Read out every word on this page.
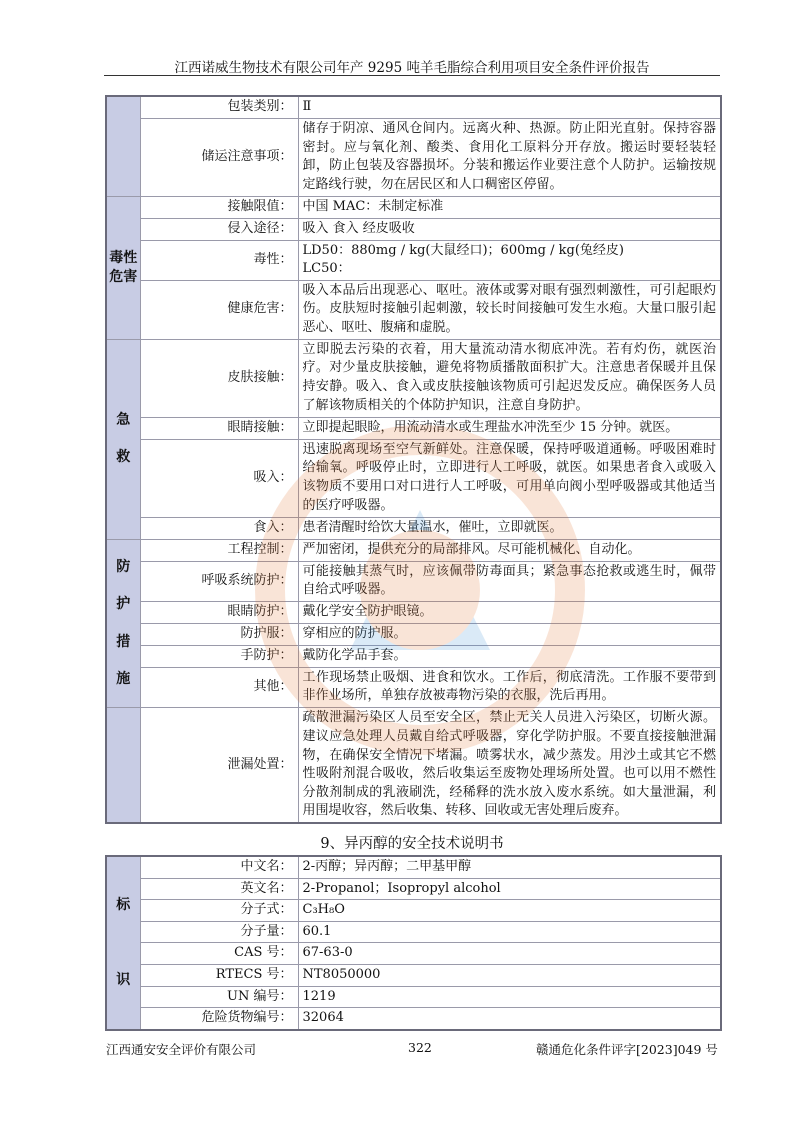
江西诺威生物技术有限公司年产 9295 吨羊毛脂综合利用项目安全条件评价报告
	包装类别：	Ⅱ
	储运注意事项：	储存于阴凉、通风仓间内。远离火种、热源。防止阳光直射。保持容器密封。应与氧化剂、酸类、食用化工原料分开存放。搬运时要轻装轻卸，防止包装及容器损坏。分装和搬运作业要注意个人防护。运输按规定路线行驶，勿在居民区和人口稠密区停留。
毒性危害	接触限值：	中国 MAC：未制定标准
	侵入途径：	吸入 食入 经皮吸收
	毒性：	LD50：880mg / kg(大鼠经口)；600mg / kg(兔经皮)
LC50：
	健康危害：	吸入本品后出现恶心、呕吐。液体或雾对眼有强烈刺激性，可引起眼灼伤。皮肤短时接触引起刺激，较长时间接触可发生水疱。大量口服引起恶心、呕吐、腹痛和虚脱。

急

救	皮肤接触：	立即脱去污染的衣着，用大量流动清水彻底冲洗。若有灼伤，就医治疗。对少量皮肤接触，避免将物质播散面积扩大。注意患者保暖并且保持安静。吸入、食入或皮肤接触该物质可引起迟发反应。确保医务人员了解该物质相关的个体防护知识，注意自身防护。
	眼睛接触：	立即提起眼睑，用流动清水或生理盐水冲洗至少 15 分钟。就医。
	吸入：	迅速脱离现场至空气新鲜处。注意保暖，保持呼吸道通畅。呼吸困难时给输氧。呼吸停止时，立即进行人工呼吸，就医。如果患者食入或吸入该物质不要用口对口进行人工呼吸，可用单向阀小型呼吸器或其他适当的医疗呼吸器。
	食入：	患者清醒时给饮大量温水，催吐，立即就医。

防

护

措

施	工程控制：	严加密闭，提供充分的局部排风。尽可能机械化、自动化。
	呼吸系统防护：	可能接触其蒸气时，应该佩带防毒面具；紧急事态抢救或逃生时，佩带自给式呼吸器。
	眼睛防护：	戴化学安全防护眼镜。
	防护服：	穿相应的防护服。
	手防护：	戴防化学品手套。
	其他：	工作现场禁止吸烟、进食和饮水。工作后，彻底清洗。工作服不要带到非作业场所，单独存放被毒物污染的衣服，洗后再用。
	泄漏处置：	疏散泄漏污染区人员至安全区，禁止无关人员进入污染区，切断火源。建议应急处理人员戴自给式呼吸器，穿化学防护服。不要直接接触泄漏物，在确保安全情况下堵漏。喷雾状水，减少蒸发。用沙土或其它不燃性吸附剂混合吸收，然后收集运至废物处理场所处置。也可以用不燃性分散剂制成的乳液刷洗，经稀释的洗水放入废水系统。如大量泄漏，利用围堤收容，然后收集、转移、回收或无害处理后废弃。
9、异丙醇的安全技术说明书
标

识	中文名：	2-丙醇；异丙醇；二甲基甲醇
	英文名：	2-Propanol；Isopropyl alcohol
	分子式：	C₃H₈O
	分子量：	60.1
	CAS 号：	67-63-0
	RTECS 号：	NT8050000
	UN 编号：	1219
	危险货物编号：	32064
江西通安安全评价有限公司	322	赣通危化条件评字[2023]049 号
